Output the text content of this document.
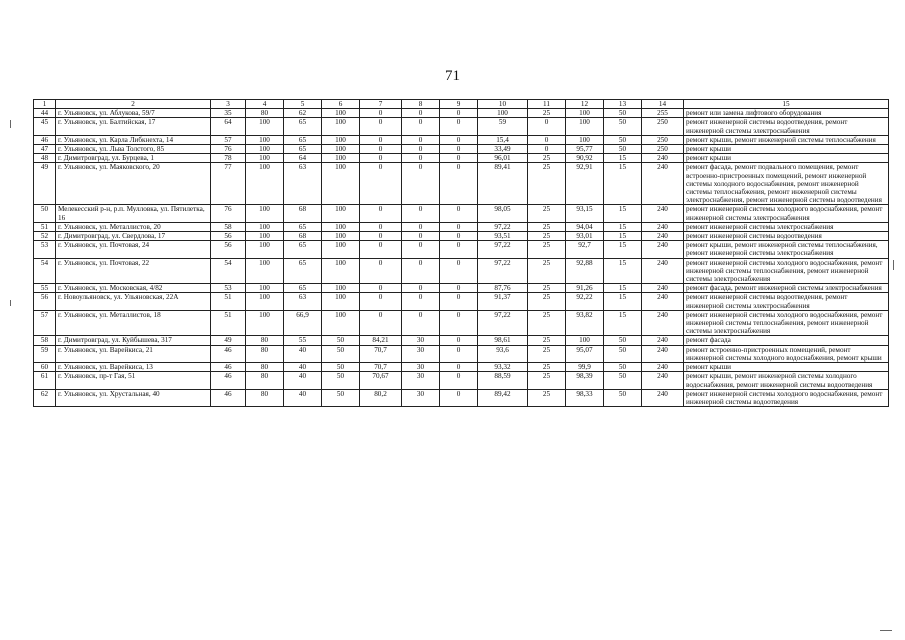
71
1	2	3	4	5	6	7	8	9	10	11	12	13	14	15
44	г. Ульяновск, ул. Аблукова, 59/7	35	80	62	100	0	0	0	100	25	100	50	255	ремонт или замена лифтового оборудования
45	г. Ульяновск, ул. Балтийская, 17	64	100	65	100	0	0	0	59	0	100	50	250	ремонт инженерной системы водоотведения, ремонт инженерной системы электроснабжения
46	г. Ульяновск, ул. Карла Либкнехта, 14	57	100	65	100	0	0	0	15,4	0	100	50	250	ремонт крыши, ремонт инженерной системы теплоснабжения
47	г. Ульяновск, ул. Льва Толстого, 85	76	100	65	100	0	0	0	33,49	0	95,77	50	250	ремонт крыши
48	г. Димитровград, ул. Бурцева, 1	78	100	64	100	0	0	0	96,01	25	90,92	15	240	ремонт крыши
49	г. Ульяновск, ул. Маяковского, 20	77	100	63	100	0	0	0	89,41	25	92,91	15	240	ремонт фасада, ремонт подвального помещения, ремонт встроенно-пристроенных помещений, ремонт инженерной системы холодного водоснабжения, ремонт инженерной системы теплоснабжения, ремонт инженерной системы электроснабжения, ремонт инженерной системы водоотведения
50	Мелекесский р-н, р.п. Мулловка, ул. Пятилетка, 16	76	100	68	100	0	0	0	98,05	25	93,15	15	240	ремонт инженерной системы холодного водоснабжения, ремонт инженерной системы электроснабжения
51	г. Ульяновск, ул. Металлистов, 20	58	100	65	100	0	0	0	97,22	25	94,04	15	240	ремонт инженерной системы электроснабжения
52	г. Димитровград, ул. Свердлова, 17	56	100	68	100	0	0	0	93,51	25	93,01	15	240	ремонт инженерной системы водоотведения
53	г. Ульяновск, ул. Почтовая, 24	56	100	65	100	0	0	0	97,22	25	92,7	15	240	ремонт крыши, ремонт инженерной системы теплоснабжения, ремонт инженерной системы электроснабжения
54	г. Ульяновск, ул. Почтовая, 22	54	100	65	100	0	0	0	97,22	25	92,88	15	240	ремонт инженерной системы холодного водоснабжения, ремонт инженерной системы теплоснабжения, ремонт инженерной системы электроснабжения
55	г. Ульяновск, ул. Московская, 4/82	53	100	65	100	0	0	0	87,76	25	91,26	15	240	ремонт фасада, ремонт инженерной системы электроснабжения
56	г. Новоульяновск, ул. Ульяновская, 22А	51	100	63	100	0	0	0	91,37	25	92,22	15	240	ремонт инженерной системы водоотведения, ремонт инженерной системы электроснабжения
57	г. Ульяновск, ул. Металлистов, 18	51	100	66,9	100	0	0	0	97,22	25	93,82	15	240	ремонт инженерной системы холодного водоснабжения, ремонт инженерной системы теплоснабжения, ремонт инженерной системы электроснабжения
58	г. Димитровград, ул. Куйбышева, 317	49	80	55	50	84,21	30	0	98,61	25	100	50	240	ремонт фасада
59	г. Ульяновск, ул. Варейкиса, 21	46	80	40	50	70,7	30	0	93,6	25	95,07	50	240	ремонт встроенно-пристроенных помещений, ремонт инженерной системы холодного водоснабжения, ремонт крыши
60	г. Ульяновск, ул. Варейкиса, 13	46	80	40	50	70,7	30	0	93,32	25	99,9	50	240	ремонт крыши
61	г. Ульяновск, пр-т Гая, 51	46	80	40	50	70,67	30	0	88,59	25	98,39	50	240	ремонт крыши, ремонт инженерной системы холодного водоснабжения, ремонт инженерной системы водоотведения
62	г. Ульяновск, ул. Хрустальная, 40	46	80	40	50	80,2	30	0	89,42	25	98,33	50	240	ремонт инженерной системы холодного водоснабжения, ремонт инженерной системы водоотведения
